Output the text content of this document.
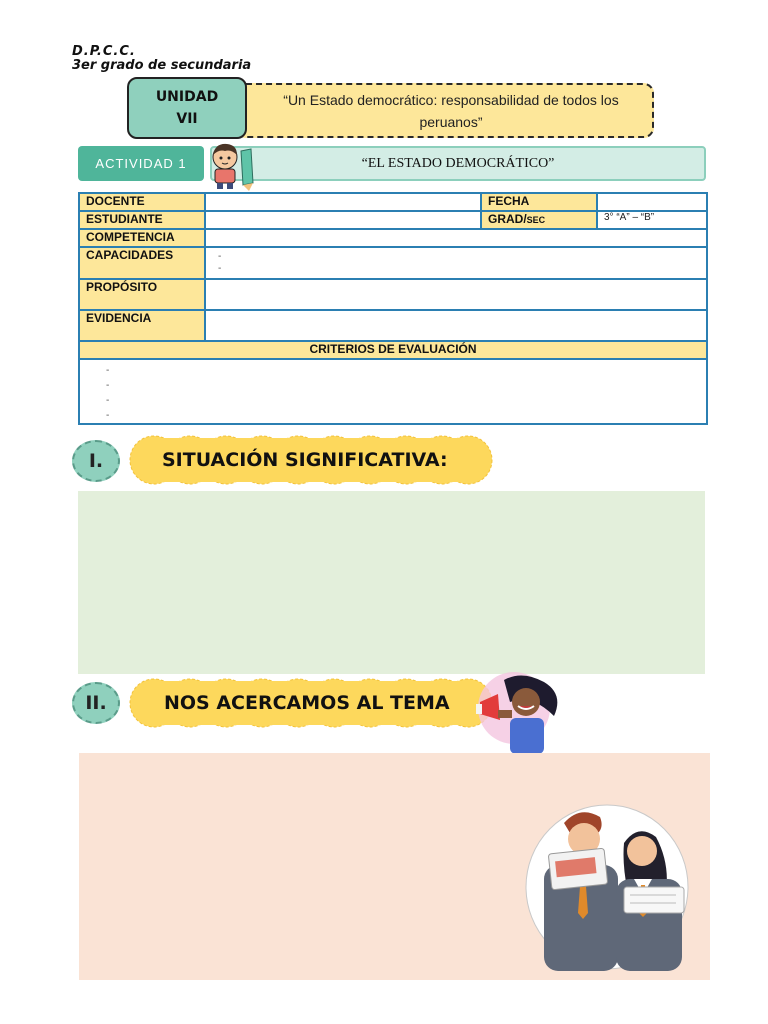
D.P.C.C.
3er grado de secundaria
“Un Estado democrático: responsabilidad de todos los peruanos”
UNIDAD
VII
“EL ESTADO DEMOCRÁTICO”
ACTIVIDAD 1
DOCENTE		FECHA	
ESTUDIANTE		GRAD/SEC	3° “A” – “B”
COMPETENCIA			
CAPACIDADES	-
-		

PROPÓSITO			
EVIDENCIA			
CRITERIOS DE EVALUACIÓN			

-
-
-
-			
I.	SITUACIÓN SIGNIFICATIVA:
II.	NOS ACERCAMOS AL TEMA
